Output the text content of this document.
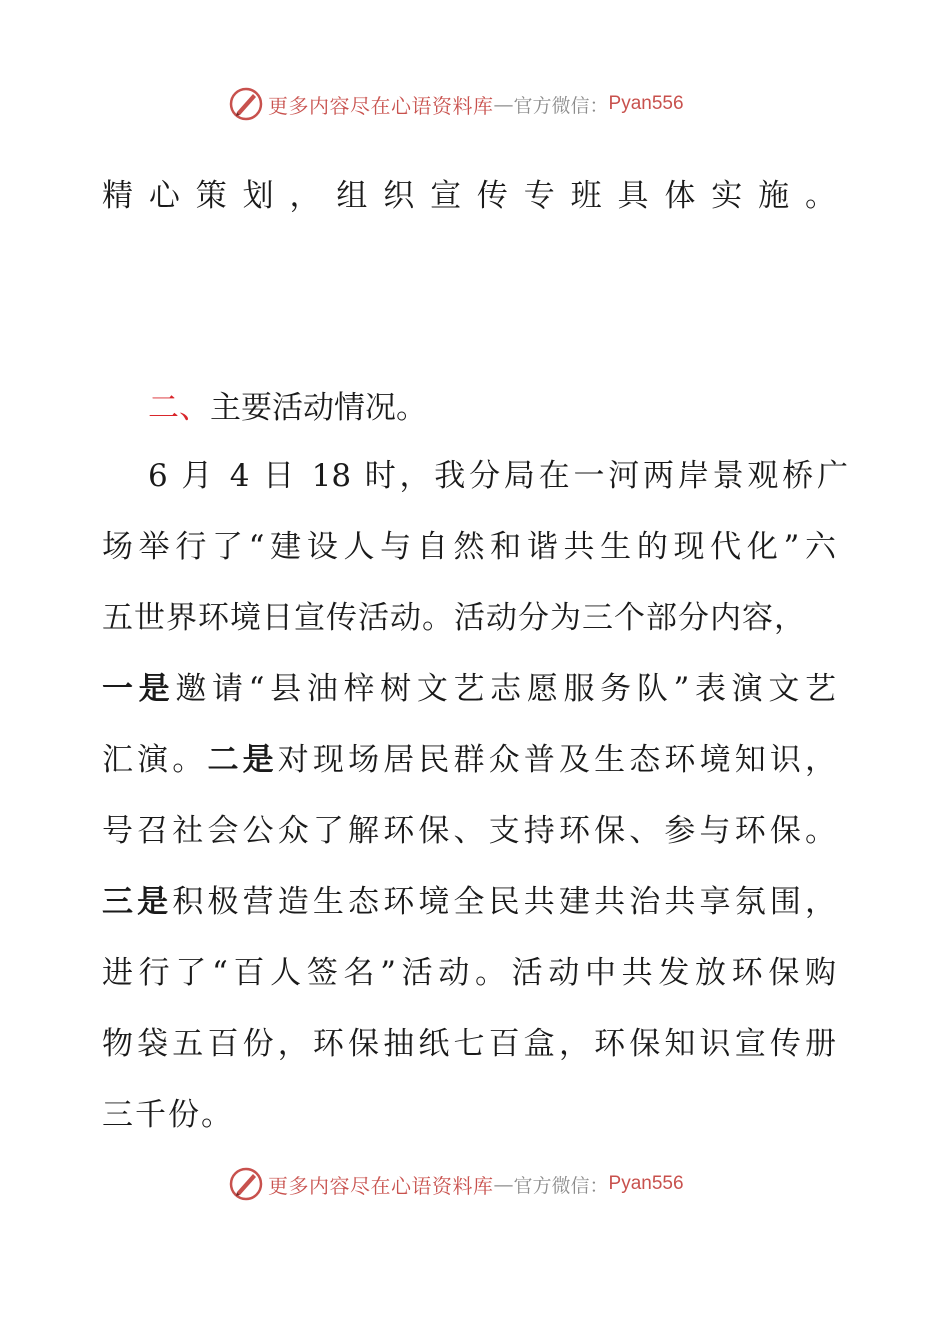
更多内容尽在心语资料库 — 官方微信： Pyan556
精 心 策 划 ， 组 织 宣 传 专 班 具 体 实 施 。
二、主要活动情况。
6 月 4 日 18 时，我分局在一河两岸景观桥广
场举行了“建设人与自然和谐共生的现代化”六
五世界环境日宣传活动。活动分为三个部分内容，
一是邀请“县油梓树文艺志愿服务队”表演文艺
汇演。二是对现场居民群众普及生态环境知识，
号召社会公众了解环保、支持环保、参与环保。
三是积极营造生态环境全民共建共治共享氛围，
进行了“百人签名”活动。活动中共发放环保购
物袋五百份，环保抽纸七百盒，环保知识宣传册
三千份。
更多内容尽在心语资料库 — 官方微信： Pyan556
